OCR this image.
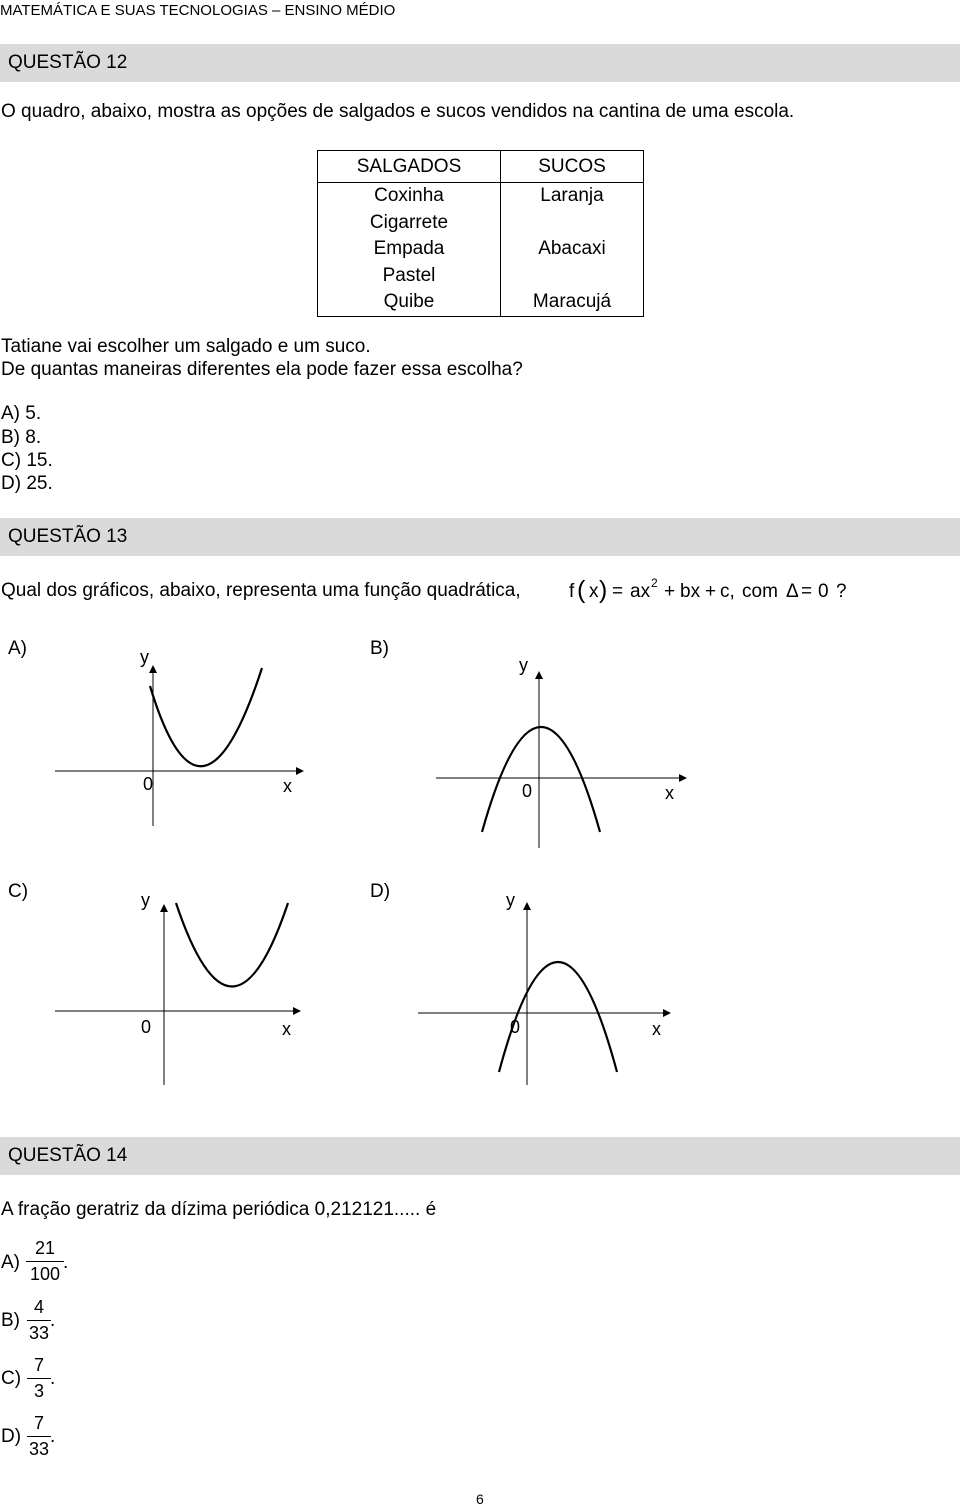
MATEMÁTICA E SUAS TECNOLOGIAS – ENSINO MÉDIO
QUESTÃO 12
O quadro, abaixo, mostra as opções de salgados e sucos vendidos na cantina de uma escola.
SALGADOS	SUCOS
Coxinha	Laranja
Cigarrete	
Empada	Abacaxi
Pastel	
Quibe	Maracujá
Tatiane vai escolher um salgado e um suco.
De quantas maneiras diferentes ela pode fazer essa escolha?
A) 5.
B) 8.
C) 15.
D) 25.
QUESTÃO 13
Qual dos gráficos, abaixo, representa uma função quadrática,	f ( x ) = ax 2 + bx + c, com Δ = 0 ?
A)	y
0	x
B)
y
0	x
C)	y
0	x
D)	y
0	x
6
QUESTÃO 14
A fração geratriz da dízima periódica 0,212121..... é
A)
21
100
.
B)
4
33
.
C)
7
3
.
D)
7
33
.
